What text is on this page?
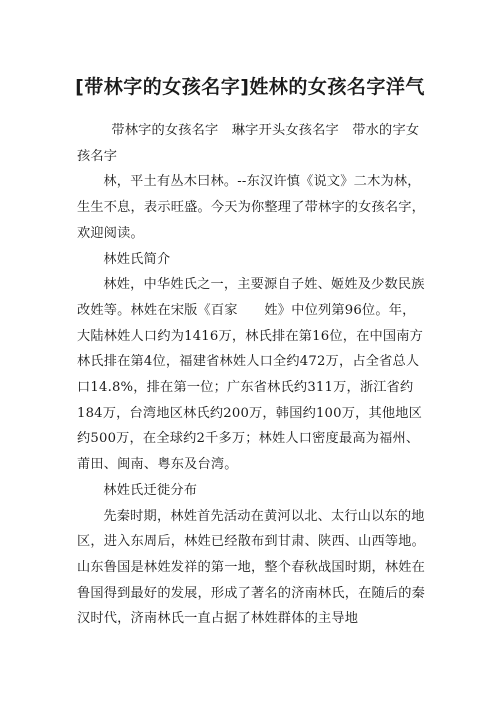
[带林字的女孩名字]姓林的女孩名字洋气

带林字的女孩名字　琳字开头女孩名字　带水的字女孩名字

林，平土有丛木曰林。--东汉许慎《说文》二木为林，生生不息，表示旺盛。今天为你整理了带林字的女孩名字，欢迎阅读。

林姓氏简介

林姓，中华姓氏之一，主要源自子姓、姬姓及少数民族改姓等。林姓在宋版《百家　　姓》中位列第96位。年，大陆林姓人口约为1416万，林氏排在第16位，在中国南方林氏排在第4位，福建省林姓人口全约472万，占全省总人口14.8%，排在第一位；广东省林氏约311万，浙江省约184万，台湾地区林氏约200万，韩国约100万，其他地区约500万，在全球约2千多万；林姓人口密度最高为福州、莆田、闽南、粤东及台湾。

林姓氏迁徙分布

先秦时期，林姓首先活动在黄河以北、太行山以东的地区，进入东周后，林姓已经散布到甘肃、陕西、山西等地。山东鲁国是林姓发祥的第一地，整个春秋战国时期，林姓在鲁国得到最好的发展，形成了著名的济南林氏，在随后的秦汉时代，济南林氏一直占据了林姓群体的主导地
